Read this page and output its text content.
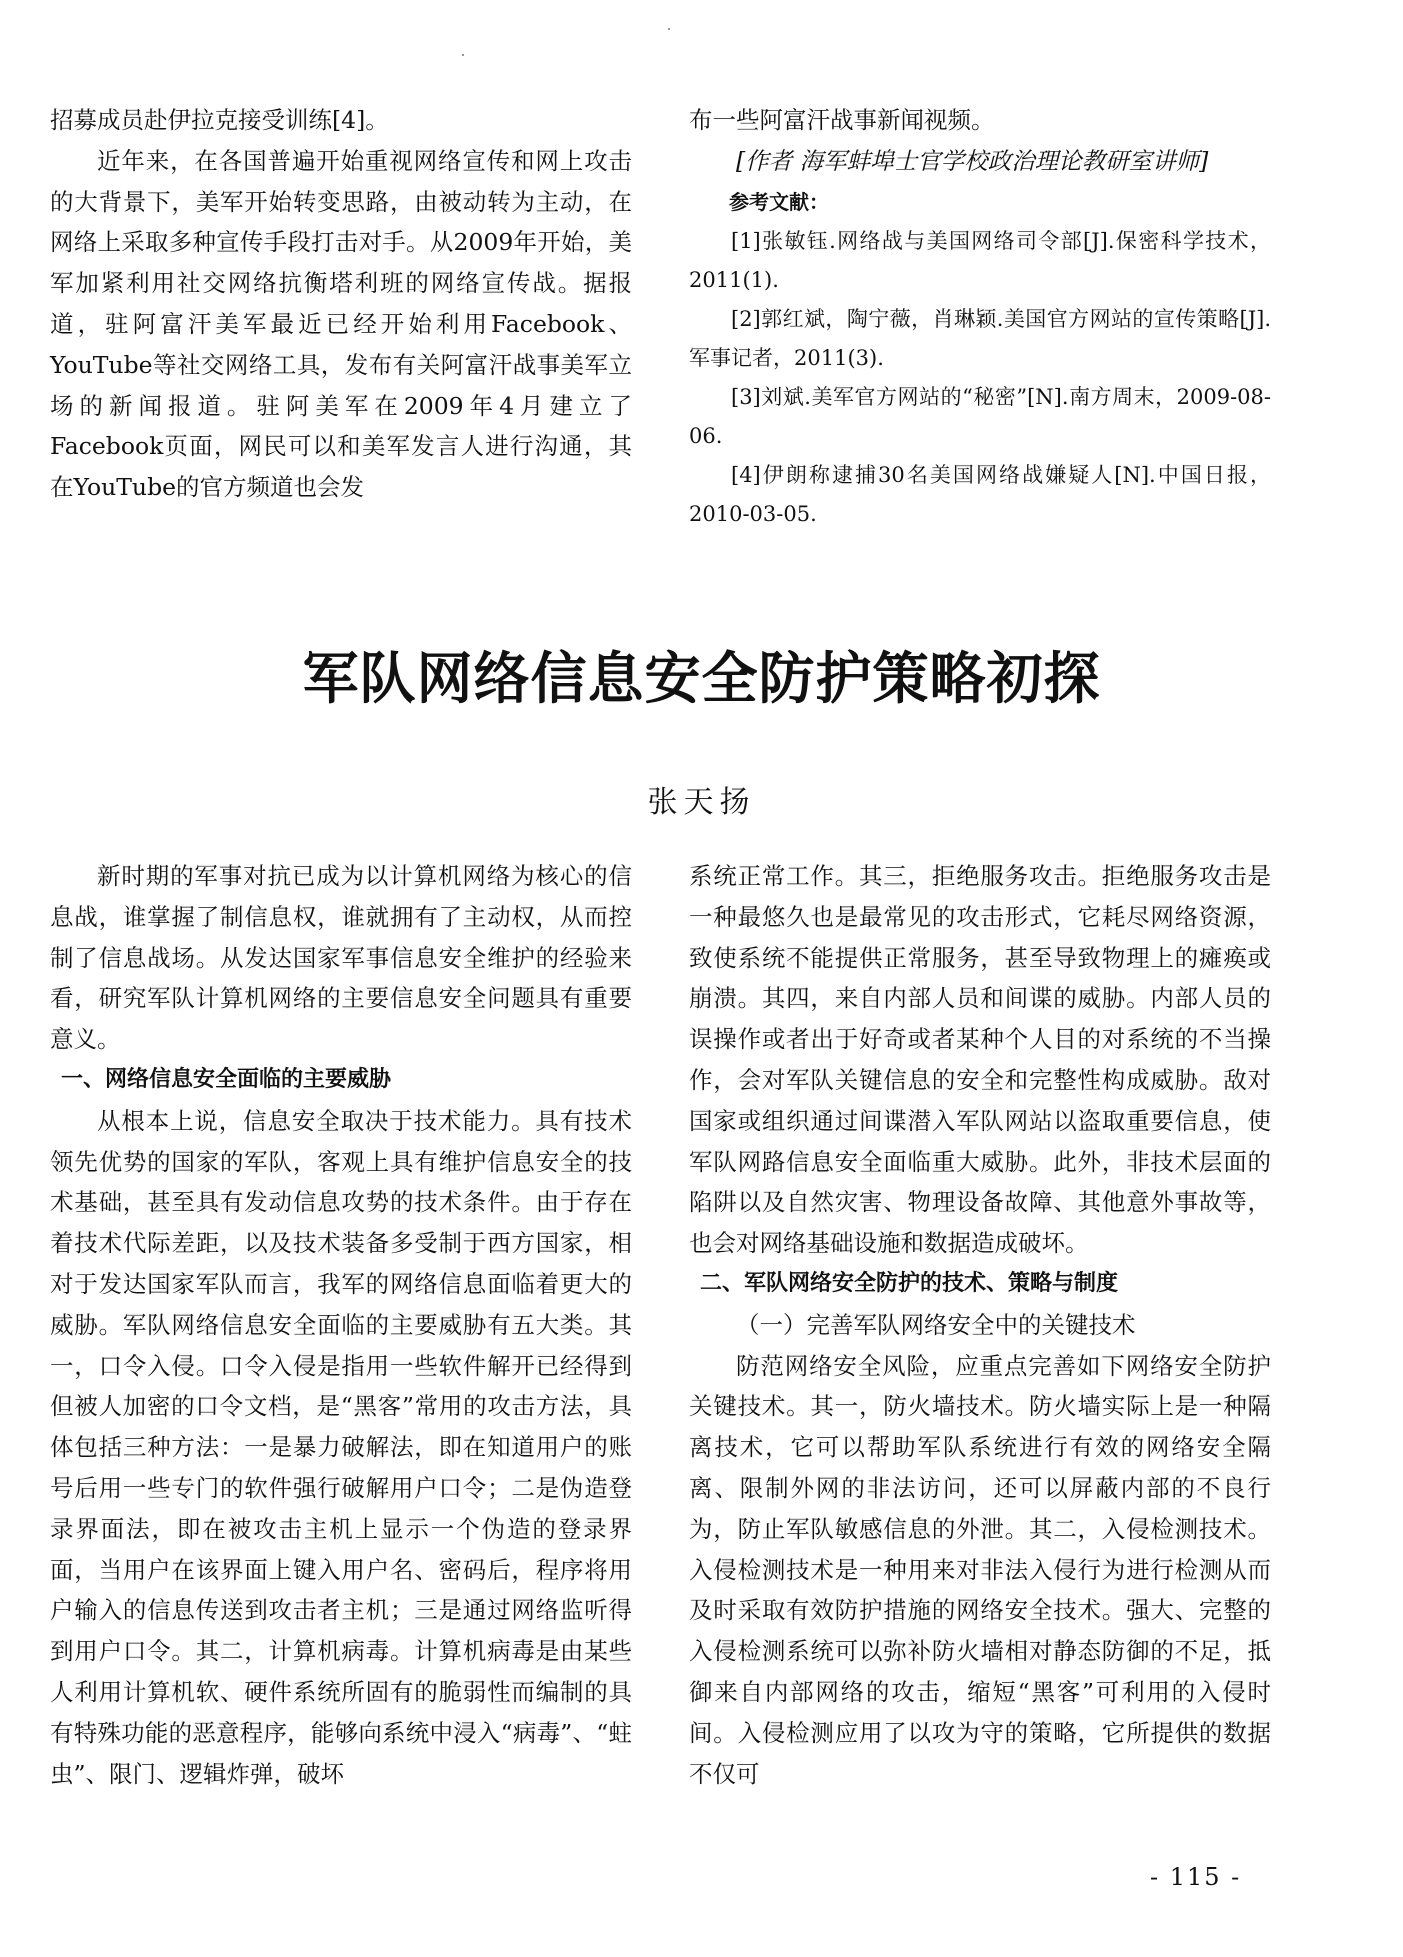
招募成员赴伊拉克接受训练[4]。

近年来，在各国普遍开始重视网络宣传和网上攻击的大背景下，美军开始转变思路，由被动转为主动，在网络上采取多种宣传手段打击对手。从2009年开始，美军加紧利用社交网络抗衡塔利班的网络宣传战。据报道，驻阿富汗美军最近已经开始利用Facebook、YouTube等社交网络工具，发布有关阿富汗战事美军立场的新闻报道。驻阿美军在2009年4月建立了Facebook页面，网民可以和美军发言人进行沟通，其在YouTube的官方频道也会发

布一些阿富汗战事新闻视频。

[作者 海军蚌埠士官学校政治理论教研室讲师]

参考文献：

[1]张敏钰.网络战与美国网络司令部[J].保密科学技术，2011(1).

[2]郭红斌，陶宁薇，肖琳颖.美国官方网站的宣传策略[J].军事记者，2011(3).

[3]刘斌.美军官方网站的“秘密”[N].南方周末，2009-08-06.

[4]伊朗称逮捕30名美国网络战嫌疑人[N].中国日报，2010-03-05.

军队网络信息安全防护策略初探
张天扬

新时期的军事对抗已成为以计算机网络为核心的信息战，谁掌握了制信息权，谁就拥有了主动权，从而控制了信息战场。从发达国家军事信息安全维护的经验来看，研究军队计算机网络的主要信息安全问题具有重要意义。

一、网络信息安全面临的主要威胁

从根本上说，信息安全取决于技术能力。具有技术领先优势的国家的军队，客观上具有维护信息安全的技术基础，甚至具有发动信息攻势的技术条件。由于存在着技术代际差距，以及技术装备多受制于西方国家，相对于发达国家军队而言，我军的网络信息面临着更大的威胁。军队网络信息安全面临的主要威胁有五大类。其一，口令入侵。口令入侵是指用一些软件解开已经得到但被人加密的口令文档，是“黑客”常用的攻击方法，具体包括三种方法：一是暴力破解法，即在知道用户的账号后用一些专门的软件强行破解用户口令；二是伪造登录界面法，即在被攻击主机上显示一个伪造的登录界面，当用户在该界面上键入用户名、密码后，程序将用户输入的信息传送到攻击者主机；三是通过网络监听得到用户口令。其二，计算机病毒。计算机病毒是由某些人利用计算机软、硬件系统所固有的脆弱性而编制的具有特殊功能的恶意程序，能够向系统中浸入“病毒”、“蛀虫”、限门、逻辑炸弹，破坏

系统正常工作。其三，拒绝服务攻击。拒绝服务攻击是一种最悠久也是最常见的攻击形式，它耗尽网络资源，致使系统不能提供正常服务，甚至导致物理上的瘫痪或崩溃。其四，来自内部人员和间谍的威胁。内部人员的误操作或者出于好奇或者某种个人目的对系统的不当操作，会对军队关键信息的安全和完整性构成威胁。敌对国家或组织通过间谍潜入军队网站以盗取重要信息，使军队网路信息安全面临重大威胁。此外，非技术层面的陷阱以及自然灾害、物理设备故障、其他意外事故等，也会对网络基础设施和数据造成破坏。

二、军队网络安全防护的技术、策略与制度

（一）完善军队网络安全中的关键技术

防范网络安全风险，应重点完善如下网络安全防护关键技术。其一，防火墙技术。防火墙实际上是一种隔离技术，它可以帮助军队系统进行有效的网络安全隔离、限制外网的非法访问，还可以屏蔽内部的不良行为，防止军队敏感信息的外泄。其二，入侵检测技术。入侵检测技术是一种用来对非法入侵行为进行检测从而及时采取有效防护措施的网络安全技术。强大、完整的入侵检测系统可以弥补防火墙相对静态防御的不足，抵御来自内部网络的攻击，缩短“黑客”可利用的入侵时间。入侵检测应用了以攻为守的策略，它所提供的数据不仅可

- 115 -
